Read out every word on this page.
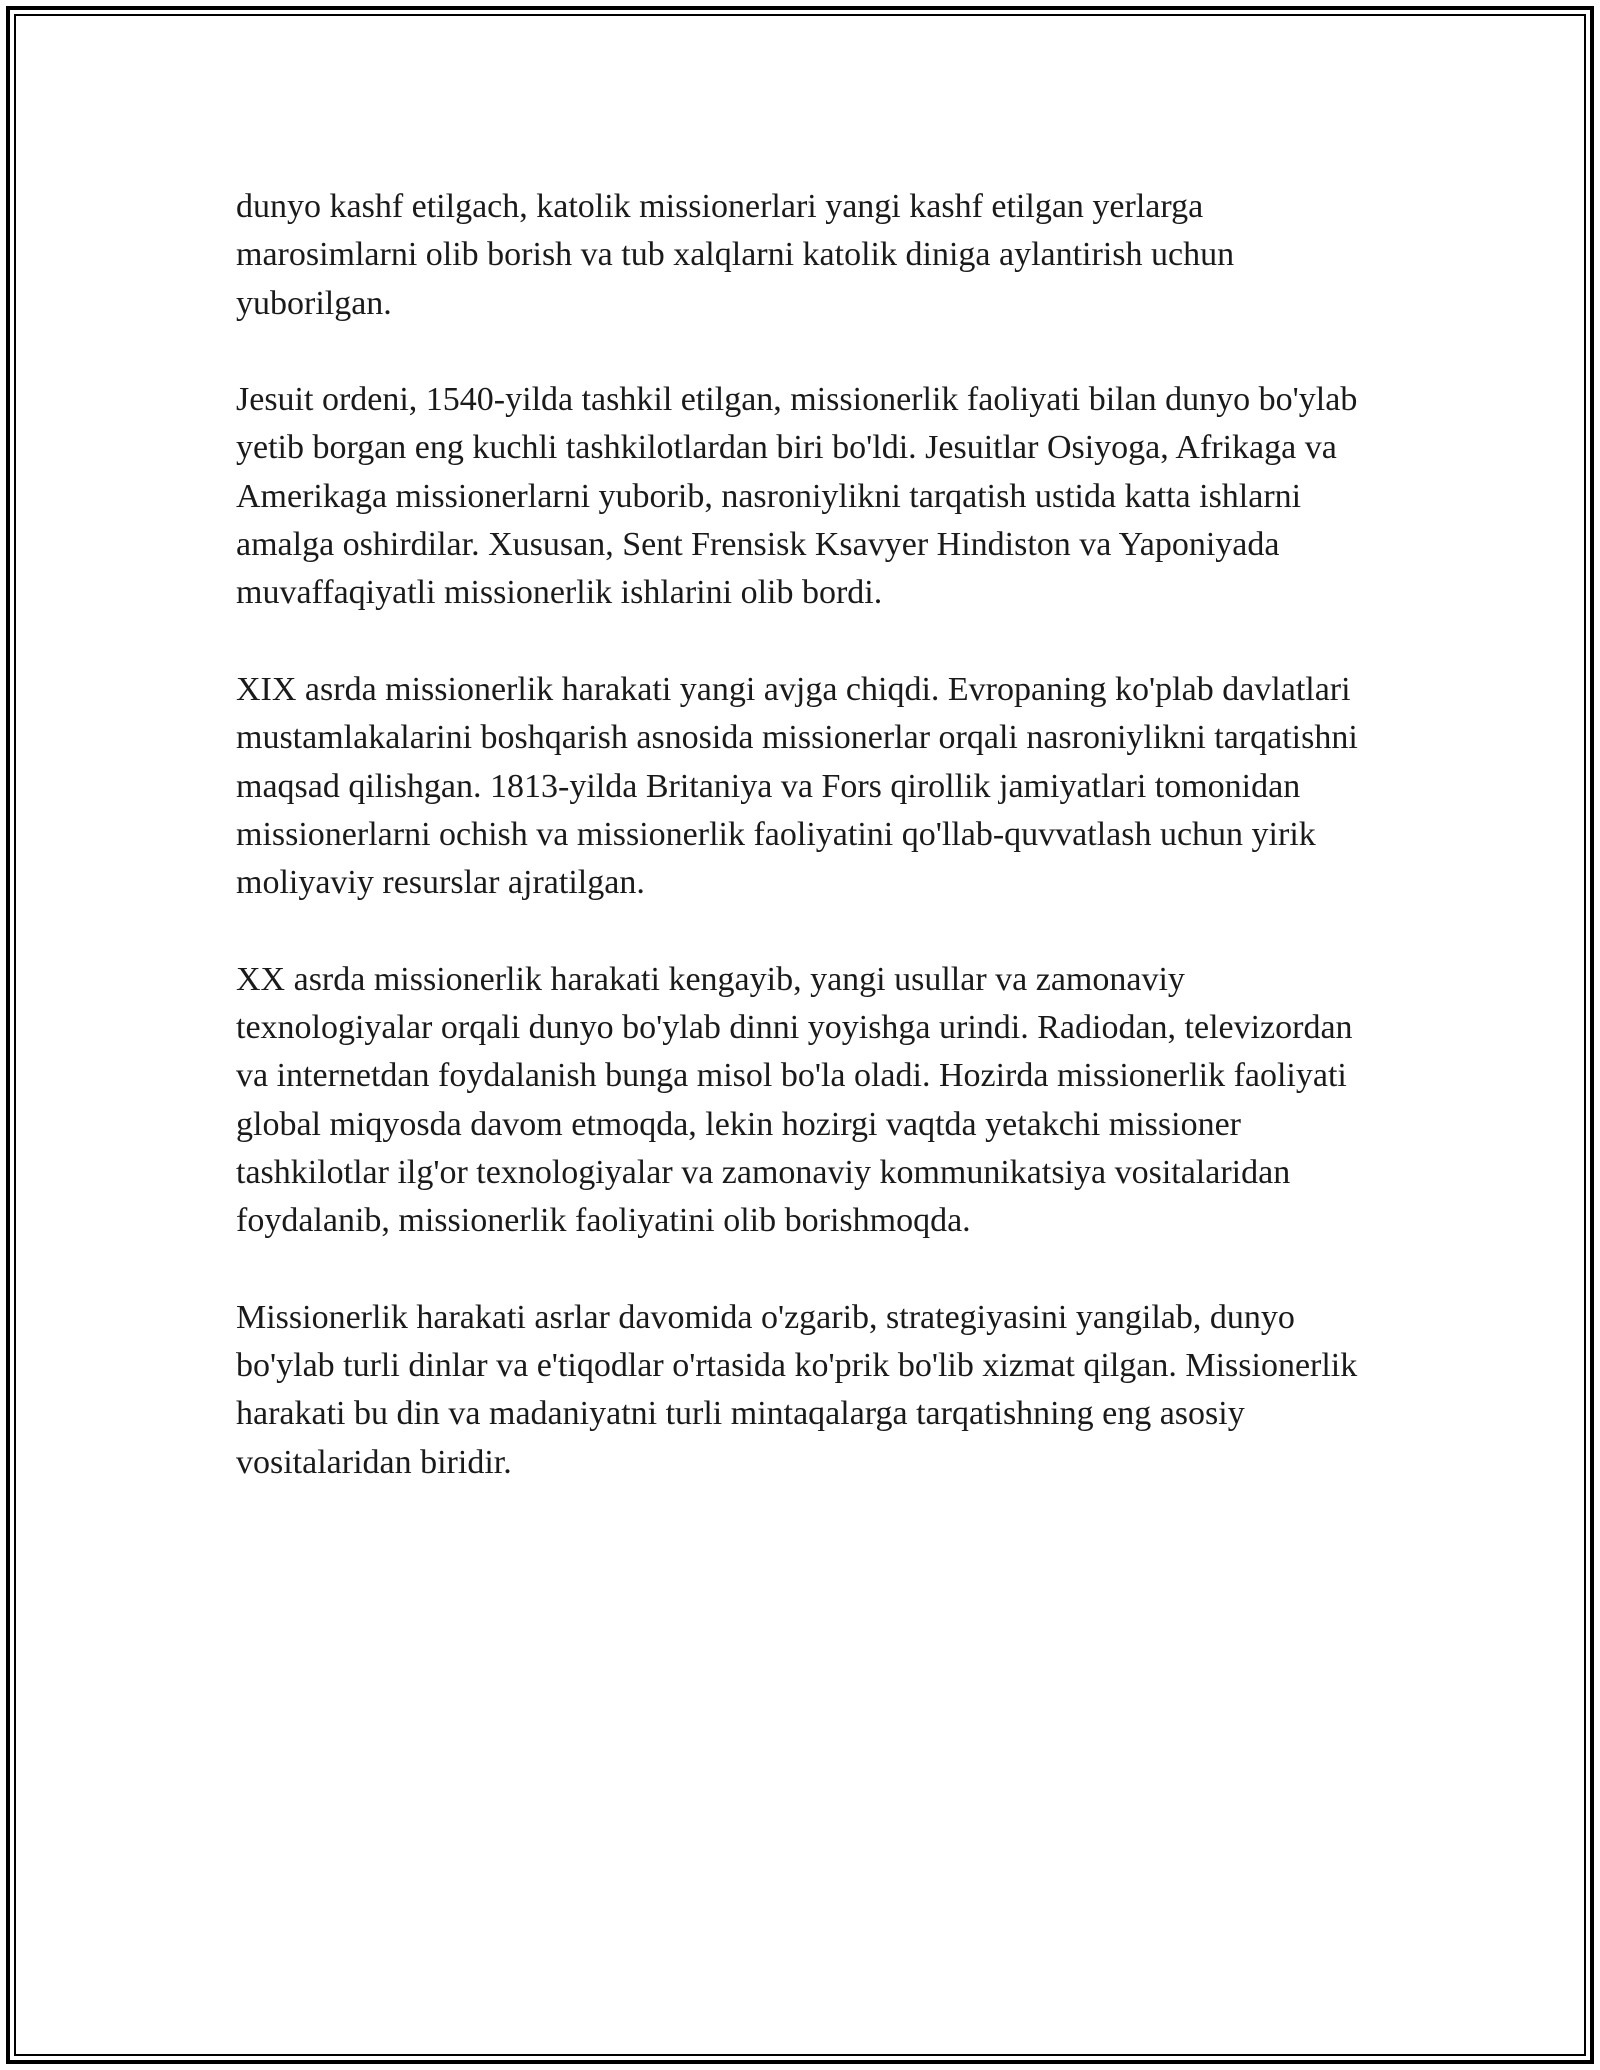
dunyo kashf etilgach, katolik missionerlari yangi kashf etilgan yerlarga marosimlarni olib borish va tub xalqlarni katolik diniga aylantirish uchun yuborilgan.

Jesuit ordeni, 1540-yilda tashkil etilgan, missionerlik faoliyati bilan dunyo bo'ylab yetib borgan eng kuchli tashkilotlardan biri bo'ldi. Jesuitlar Osiyoga, Afrikaga va Amerikaga missionerlarni yuborib, nasroniylikni tarqatish ustida katta ishlarni amalga oshirdilar. Xususan, Sent Frensisk Ksavyer Hindiston va Yaponiyada muvaffaqiyatli missionerlik ishlarini olib bordi.

XIX asrda missionerlik harakati yangi avjga chiqdi. Evropaning ko'plab davlatlari mustamlakalarini boshqarish asnosida missionerlar orqali nasroniylikni tarqatishni maqsad qilishgan. 1813-yilda Britaniya va Fors qirollik jamiyatlari tomonidan missionerlarni ochish va missionerlik faoliyatini qo'llab-quvvatlash uchun yirik moliyaviy resurslar ajratilgan.

XX asrda missionerlik harakati kengayib, yangi usullar va zamonaviy texnologiyalar orqali dunyo bo'ylab dinni yoyishga urindi. Radiodan, televizordan va internetdan foydalanish bunga misol bo'la oladi. Hozirda missionerlik faoliyati global miqyosda davom etmoqda, lekin hozirgi vaqtda yetakchi missioner tashkilotlar ilg'or texnologiyalar va zamonaviy kommunikatsiya vositalaridan foydalanib, missionerlik faoliyatini olib borishmoqda.

Missionerlik harakati asrlar davomida o'zgarib, strategiyasini yangilab, dunyo bo'ylab turli dinlar va e'tiqodlar o'rtasida ko'prik bo'lib xizmat qilgan. Missionerlik harakati bu din va madaniyatni turli mintaqalarga tarqatishning eng asosiy vositalaridan biridir.
